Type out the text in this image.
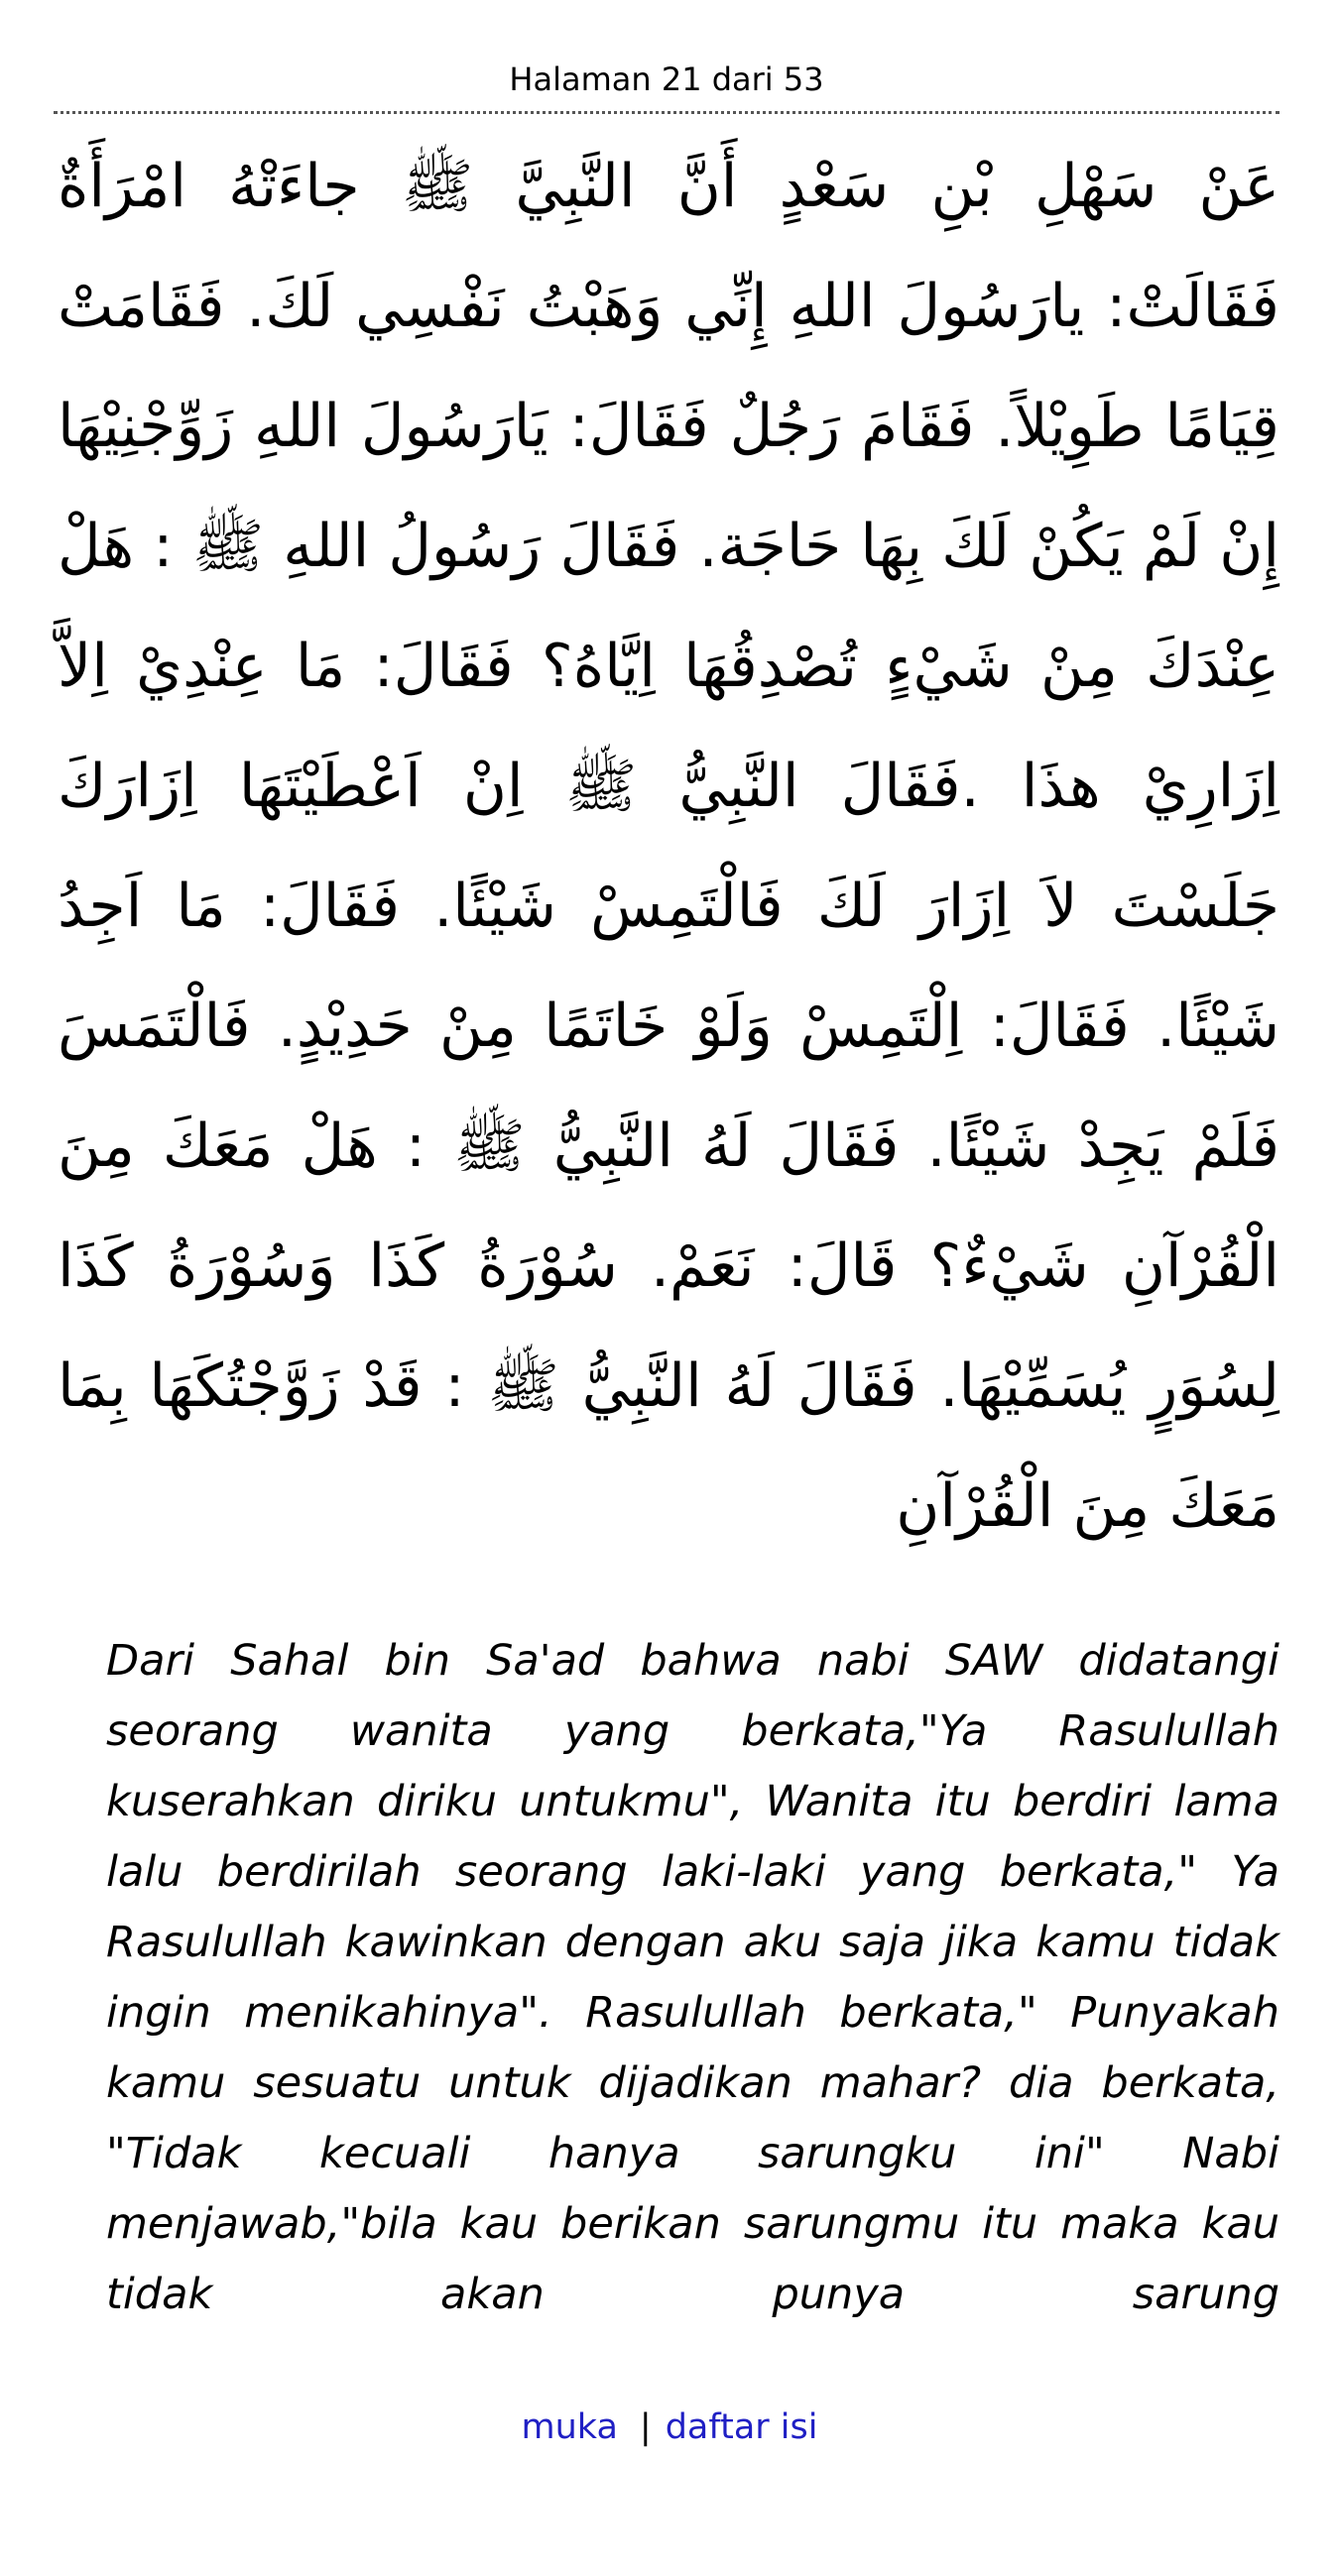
Halaman 21 dari 53

عَنْ سَهْلِ بْنِ سَعْدٍ أَنَّ النَّبِيَّ ﷺ جاءَتْهُ امْرَأَةٌ فَقَالَتْ: يارَسُولَ اللهِ إِنِّي وَهَبْتُ نَفْسِي لَكَ. فَقَامَتْ قِيَامًا طَوِيْلاً. فَقَامَ رَجُلٌ فَقَالَ: يَارَسُولَ اللهِ زَوِّجْنِيْهَا إِنْ لَمْ يَكُنْ لَكَ بِهَا حَاجَة. فَقَالَ رَسُولُ اللهِ ﷺ : هَلْ عِنْدَكَ مِنْ شَيْءٍ تُصْدِقُهَا اِيَّاهُ؟ فَقَالَ: مَا عِنْدِيْ اِلاَّ اِزَارِيْ هذَا .فَقَالَ النَّبِيُّ ﷺ اِنْ اَعْطَيْتَهَا اِزَارَكَ جَلَسْتَ لاَ اِزَارَ لَكَ فَالْتَمِسْ شَيْئًا. فَقَالَ: مَا اَجِدُ شَيْئًا. فَقَالَ: اِلْتَمِسْ وَلَوْ خَاتَمًا مِنْ حَدِيْدٍ. فَالْتَمَسَ فَلَمْ يَجِدْ شَيْئًا. فَقَالَ لَهُ النَّبِيُّ ﷺ : هَلْ مَعَكَ مِنَ الْقُرْآنِ شَيْءٌ؟ قَالَ: نَعَمْ. سُوْرَةُ كَذَا وَسُوْرَةُ كَذَا لِسُوَرٍ يُسَمِّيْهَا. فَقَالَ لَهُ النَّبِيُّ ﷺ : قَدْ زَوَّجْتُكَهَا بِمَا مَعَكَ مِنَ الْقُرْآنِ

Dari Sahal bin Sa'ad bahwa nabi SAW didatangi seorang wanita yang berkata,"Ya Rasulullah kuserahkan diriku untukmu", Wanita itu berdiri lama lalu berdirilah seorang laki-laki yang berkata," Ya Rasulullah kawinkan dengan aku saja jika kamu tidak ingin menikahinya". Rasulullah berkata," Punyakah kamu sesuatu untuk dijadikan mahar? dia berkata, "Tidak kecuali hanya sarungku ini" Nabi menjawab,"bila kau berikan sarungmu itu maka kau tidak akan punya sarung

muka | daftar isi
